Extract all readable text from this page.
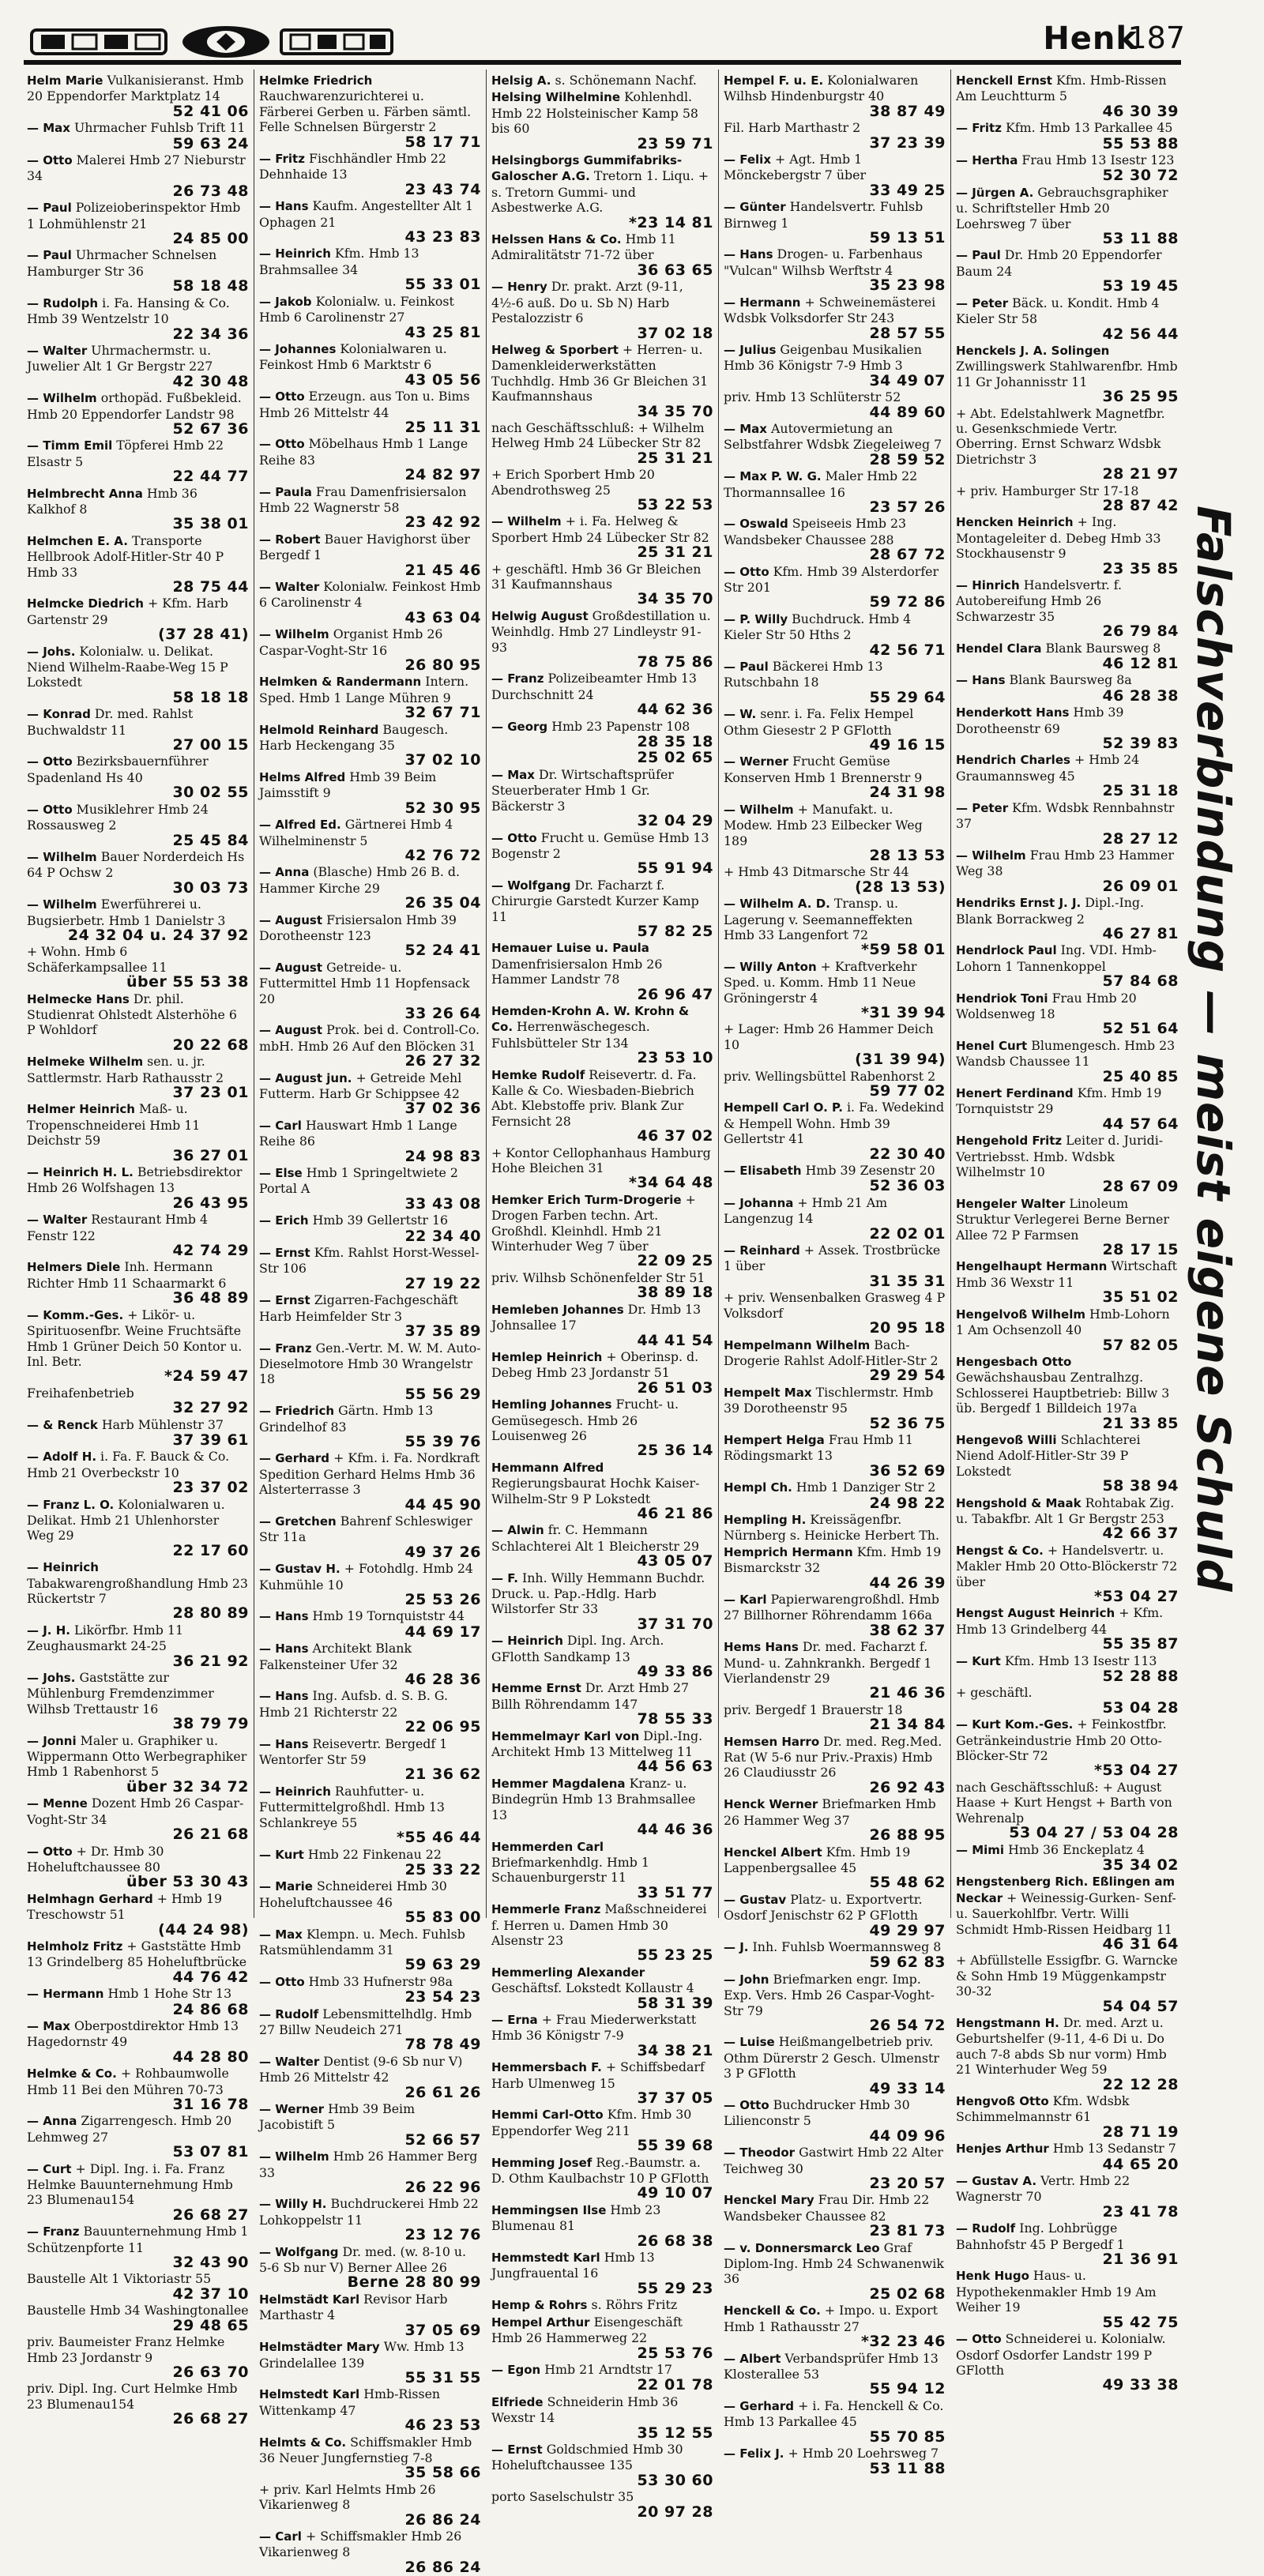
Henk
187
Helm Marie Vulkanisieranst. Hmb 20 Eppendorfer Marktplatz 14
52 41 06
— Max Uhrmacher Fuhlsb Trift 11
59 63 24
— Otto Malerei Hmb 27 Nieburstr 34
26 73 48
— Paul Polizeioberinspektor Hmb 1 Lohmühlenstr 21
24 85 00
— Paul Uhrmacher Schnelsen Hamburger Str 36
58 18 48
— Rudolph i. Fa. Hansing & Co. Hmb 39 Wentzelstr 10
22 34 36
— Walter Uhrmachermstr. u. Juwelier Alt 1 Gr Bergstr 227
42 30 48
— Wilhelm orthopäd. Fußbekleid. Hmb 20 Eppendorfer Landstr 98
52 67 36
— Timm Emil Töpferei Hmb 22 Elsastr 5
22 44 77
Helmbrecht Anna Hmb 36 Kalkhof 8
35 38 01
Helmchen E. A. Transporte Hellbrook Adolf-Hitler-Str 40 P Hmb 33
28 75 44
Helmcke Diedrich + Kfm. Harb Gartenstr 29
(37 28 41)
— Johs. Kolonialw. u. Delikat. Niend Wilhelm-Raabe-Weg 15 P Lokstedt
58 18 18
— Konrad Dr. med. Rahlst Buchwaldstr 11
27 00 15
— Otto Bezirksbauernführer Spadenland Hs 40
30 02 55
— Otto Musiklehrer Hmb 24 Rossausweg 2
25 45 84
— Wilhelm Bauer Norderdeich Hs 64 P Ochsw 2
30 03 73
— Wilhelm Ewerführerei u. Bugsierbetr. Hmb 1 Danielstr 3
24 32 04 u. 24 37 92
+ Wohn. Hmb 6 Schäferkampsallee 11
über 55 53 38
Helmecke Hans Dr. phil. Studienrat Ohlstedt Alsterhöhe 6 P Wohldorf
20 22 68
Helmeke Wilhelm sen. u. jr. Sattlermstr. Harb Rathausstr 2
37 23 01
Helmer Heinrich Maß- u. Tropenschneiderei Hmb 11 Deichstr 59
36 27 01
— Heinrich H. L. Betriebsdirektor Hmb 26 Wolfshagen 13
26 43 95
— Walter Restaurant Hmb 4 Fenstr 122
42 74 29
Helmers Diele Inh. Hermann Richter Hmb 11 Schaarmarkt 6
36 48 89
— Komm.-Ges. + Likör- u. Spirituosenfbr. Weine Fruchtsäfte Hmb 1 Grüner Deich 50 Kontor u. Inl. Betr.
*24 59 47
Freihafenbetrieb
32 27 92
— & Renck Harb Mühlenstr 37
37 39 61
— Adolf H. i. Fa. F. Bauck & Co. Hmb 21 Overbeckstr 10
23 37 02
— Franz L. O. Kolonialwaren u. Delikat. Hmb 21 Uhlenhorster Weg 29
22 17 60
— Heinrich Tabakwarengroßhandlung Hmb 23 Rückertstr 7
28 80 89
— J. H. Likörfbr. Hmb 11 Zeughausmarkt 24-25
36 21 92
— Johs. Gaststätte zur Mühlenburg Fremdenzimmer Wilhsb Trettaustr 16
38 79 79
— Jonni Maler u. Graphiker u. Wippermann Otto Werbegraphiker Hmb 1 Rabenhorst 5
über 32 34 72
— Menne Dozent Hmb 26 Caspar-Voght-Str 34
26 21 68
— Otto + Dr. Hmb 30 Hoheluftchaussee 80
über 53 30 43
Helmhagn Gerhard + Hmb 19 Treschowstr 51
(44 24 98)
Helmholz Fritz + Gaststätte Hmb 13 Grindelberg 85 Hoheluftbrücke
44 76 42
— Hermann Hmb 1 Hohe Str 13
24 86 68
— Max Oberpostdirektor Hmb 13 Hagedornstr 49
44 28 80
Helmke & Co. + Rohbaumwolle Hmb 11 Bei den Mühren 70-73
31 16 78
— Anna Zigarrengesch. Hmb 20 Lehmweg 27
53 07 81
— Curt + Dipl. Ing. i. Fa. Franz Helmke Bauunternehmung Hmb 23 Blumenau154
26 68 27
— Franz Bauunternehmung Hmb 1 Schützenpforte 11
32 43 90
Baustelle Alt 1 Viktoriastr 55
42 37 10
Baustelle Hmb 34 Washingtonallee
29 48 65
priv. Baumeister Franz Helmke Hmb 23 Jordanstr 9
26 63 70
priv. Dipl. Ing. Curt Helmke Hmb 23 Blumenau154
26 68 27
Helmke Friedrich Rauchwarenzurichterei u. Färberei Gerben u. Färben sämtl. Felle Schnelsen Bürgerstr 2
58 17 71
— Fritz Fischhändler Hmb 22 Dehnhaide 13
23 43 74
— Hans Kaufm. Angestellter Alt 1 Ophagen 21
43 23 83
— Heinrich Kfm. Hmb 13 Brahmsallee 34
55 33 01
— Jakob Kolonialw. u. Feinkost Hmb 6 Carolinenstr 27
43 25 81
— Johannes Kolonialwaren u. Feinkost Hmb 6 Marktstr 6
43 05 56
— Otto Erzeugn. aus Ton u. Bims Hmb 26 Mittelstr 44
25 11 31
— Otto Möbelhaus Hmb 1 Lange Reihe 83
24 82 97
— Paula Frau Damenfrisiersalon Hmb 22 Wagnerstr 58
23 42 92
— Robert Bauer Havighorst über Bergedf 1
21 45 46
— Walter Kolonialw. Feinkost Hmb 6 Carolinenstr 4
43 63 04
— Wilhelm Organist Hmb 26 Caspar-Voght-Str 16
26 80 95
Helmken & Randermann Intern. Sped. Hmb 1 Lange Mühren 9
32 67 71
Helmold Reinhard Baugesch. Harb Heckengang 35
37 02 10
Helms Alfred Hmb 39 Beim Jaimsstift 9
52 30 95
— Alfred Ed. Gärtnerei Hmb 4 Wilhelminenstr 5
42 76 72
— Anna (Blasche) Hmb 26 B. d. Hammer Kirche 29
26 35 04
— August Frisiersalon Hmb 39 Dorotheenstr 123
52 24 41
— August Getreide- u. Futtermittel Hmb 11 Hopfensack 20
33 26 64
— August Prok. bei d. Controll-Co. mbH. Hmb 26 Auf den Blöcken 31
26 27 32
— August jun. + Getreide Mehl Futterm. Harb Gr Schippsee 42
37 02 36
— Carl Hauswart Hmb 1 Lange Reihe 86
24 98 83
— Else Hmb 1 Springeltwiete 2 Portal A
33 43 08
— Erich Hmb 39 Gellertstr 16
22 34 40
— Ernst Kfm. Rahlst Horst-Wessel-Str 106
27 19 22
— Ernst Zigarren-Fachgeschäft Harb Heimfelder Str 3
37 35 89
— Franz Gen.-Vertr. M. W. M. Auto-Dieselmotore Hmb 30 Wrangelstr 18
55 56 29
— Friedrich Gärtn. Hmb 13 Grindelhof 83
55 39 76
— Gerhard + Kfm. i. Fa. Nordkraft Spedition Gerhard Helms Hmb 36 Alsterterrasse 3
44 45 90
— Gretchen Bahrenf Schleswiger Str 11a
49 37 26
— Gustav H. + Fotohdlg. Hmb 24 Kuhmühle 10
25 53 26
— Hans Hmb 19 Tornquiststr 44
44 69 17
— Hans Architekt Blank Falkensteiner Ufer 32
46 28 36
— Hans Ing. Aufsb. d. S. B. G. Hmb 21 Richterstr 22
22 06 95
— Hans Reisevertr. Bergedf 1 Wentorfer Str 59
21 36 62
— Heinrich Rauhfutter- u. Futtermittelgroßhdl. Hmb 13 Schlankreye 55
*55 46 44
— Kurt Hmb 22 Finkenau 22
25 33 22
— Marie Schneiderei Hmb 30 Hoheluftchaussee 46
55 83 00
— Max Klempn. u. Mech. Fuhlsb Ratsmühlendamm 31
59 63 29
— Otto Hmb 33 Hufnerstr 98a
23 54 23
— Rudolf Lebensmittelhdlg. Hmb 27 Billw Neudeich 271
78 78 49
— Walter Dentist (9-6 Sb nur V) Hmb 26 Mittelstr 42
26 61 26
— Werner Hmb 39 Beim Jacobistift 5
52 66 57
— Wilhelm Hmb 26 Hammer Berg 33
26 22 96
— Willy H. Buchdruckerei Hmb 22 Lohkoppelstr 11
23 12 76
— Wolfgang Dr. med. (w. 8-10 u. 5-6 Sb nur V) Berner Allee 26
Berne 28 80 99
Helmstädt Karl Revisor Harb Marthastr 4
37 05 69
Helmstädter Mary Ww. Hmb 13 Grindelallee 139
55 31 55
Helmstedt Karl Hmb-Rissen Wittenkamp 47
46 23 53
Helmts & Co. Schiffsmakler Hmb 36 Neuer Jungfernstieg 7-8
35 58 66
+ priv. Karl Helmts Hmb 26 Vikarienweg 8
26 86 24
— Carl + Schiffsmakler Hmb 26 Vikarienweg 8
26 86 24
Helsig A. s. Schönemann Nachf.
Helsing Wilhelmine Kohlenhdl. Hmb 22 Holsteinischer Kamp 58 bis 60
23 59 71
Helsingborgs Gummifabriks-Galoscher A.G. Tretorn 1. Liqu. + s. Tretorn Gummi- und Asbestwerke A.G.
*23 14 81
Helssen Hans & Co. Hmb 11 Admiralitätstr 71-72 über
36 63 65
— Henry Dr. prakt. Arzt (9-11, 4½-6 auß. Do u. Sb N) Harb Pestalozzistr 6
37 02 18
Helweg & Sporbert + Herren- u. Damenkleiderwerkstätten Tuchhdlg. Hmb 36 Gr Bleichen 31 Kaufmannshaus
34 35 70
nach Geschäftsschluß: + Wilhelm Helweg Hmb 24 Lübecker Str 82
25 31 21
+ Erich Sporbert Hmb 20 Abendrothsweg 25
53 22 53
— Wilhelm + i. Fa. Helweg & Sporbert Hmb 24 Lübecker Str 82
25 31 21
+ geschäftl. Hmb 36 Gr Bleichen 31 Kaufmannshaus
34 35 70
Helwig August Großdestillation u. Weinhdlg. Hmb 27 Lindleystr 91-93
78 75 86
— Franz Polizeibeamter Hmb 13 Durchschnitt 24
44 62 36
— Georg Hmb 23 Papenstr 108
28 35 18
25 02 65
— Max Dr. Wirtschaftsprüfer Steuerberater Hmb 1 Gr. Bäckerstr 3
32 04 29
— Otto Frucht u. Gemüse Hmb 13 Bogenstr 2
55 91 94
— Wolfgang Dr. Facharzt f. Chirurgie Garstedt Kurzer Kamp 11
57 82 25
Hemauer Luise u. Paula Damenfrisiersalon Hmb 26 Hammer Landstr 78
26 96 47
Hemden-Krohn A. W. Krohn & Co. Herrenwäschegesch. Fuhlsbütteler Str 134
23 53 10
Hemke Rudolf Reisevertr. d. Fa. Kalle & Co. Wiesbaden-Biebrich Abt. Klebstoffe priv. Blank Zur Fernsicht 28
46 37 02
+ Kontor Cellophanhaus Hamburg Hohe Bleichen 31
*34 64 48
Hemker Erich Turm-Drogerie + Drogen Farben techn. Art. Großhdl. Kleinhdl. Hmb 21 Winterhuder Weg 7 über
22 09 25
priv. Wilhsb Schönenfelder Str 51
38 89 18
Hemleben Johannes Dr. Hmb 13 Johnsallee 17
44 41 54
Hemlep Heinrich + Oberinsp. d. Debeg Hmb 23 Jordanstr 51
26 51 03
Hemling Johannes Frucht- u. Gemüsegesch. Hmb 26 Louisenweg 26
25 36 14
Hemmann Alfred Regierungsbaurat Hochk Kaiser-Wilhelm-Str 9 P Lokstedt
46 21 86
— Alwin fr. C. Hemmann Schlachterei Alt 1 Bleicherstr 29
43 05 07
— F. Inh. Willy Hemmann Buchdr. Druck. u. Pap.-Hdlg. Harb Wilstorfer Str 33
37 31 70
— Heinrich Dipl. Ing. Arch. GFlotth Sandkamp 13
49 33 86
Hemme Ernst Dr. Arzt Hmb 27 Billh Röhrendamm 147
78 55 33
Hemmelmayr Karl von Dipl.-Ing. Architekt Hmb 13 Mittelweg 11
44 56 63
Hemmer Magdalena Kranz- u. Bindegrün Hmb 13 Brahmsallee 13
44 46 36
Hemmerden Carl Briefmarkenhdlg. Hmb 1 Schauenburgerstr 11
33 51 77
Hemmerle Franz Maßschneiderei f. Herren u. Damen Hmb 30 Alsenstr 23
55 23 25
Hemmerling Alexander Geschäftsf. Lokstedt Kollaustr 4
58 31 39
— Erna + Frau Miederwerkstatt Hmb 36 Königstr 7-9
34 38 21
Hemmersbach F. + Schiffsbedarf Harb Ulmenweg 15
37 37 05
Hemmi Carl-Otto Kfm. Hmb 30 Eppendorfer Weg 211
55 39 68
Hemming Josef Reg.-Baumstr. a. D. Othm Kaulbachstr 10 P GFlotth
49 10 07
Hemmingsen Ilse Hmb 23 Blumenau 81
26 68 38
Hemmstedt Karl Hmb 13 Jungfrauental 16
55 29 23
Hemp & Rohrs s. Röhrs Fritz
Hempel Arthur Eisengeschäft Hmb 26 Hammerweg 22
25 53 76
— Egon Hmb 21 Arndtstr 17
22 01 78
Elfriede Schneiderin Hmb 36 Wexstr 14
35 12 55
— Ernst Goldschmied Hmb 30 Hoheluftchaussee 135
53 30 60
porto Saselschulstr 35
20 97 28
Hempel F. u. E. Kolonialwaren Wilhsb Hindenburgstr 40
38 87 49
Fil. Harb Marthastr 2
37 23 39
— Felix + Agt. Hmb 1 Mönckebergstr 7 über
33 49 25
— Günter Handelsvertr. Fuhlsb Birnweg 1
59 13 51
— Hans Drogen- u. Farbenhaus "Vulcan" Wilhsb Werftstr 4
35 23 98
— Hermann + Schweinemästerei Wdsbk Volksdorfer Str 243
28 57 55
— Julius Geigenbau Musikalien Hmb 36 Königstr 7-9 Hmb 3
34 49 07
priv. Hmb 13 Schlüterstr 52
44 89 60
— Max Autovermietung an Selbstfahrer Wdsbk Ziegeleiweg 7
28 59 52
— Max P. W. G. Maler Hmb 22 Thormannsallee 16
23 57 26
— Oswald Speiseeis Hmb 23 Wandsbeker Chaussee 288
28 67 72
— Otto Kfm. Hmb 39 Alsterdorfer Str 201
59 72 86
— P. Willy Buchdruck. Hmb 4 Kieler Str 50 Hths 2
42 56 71
— Paul Bäckerei Hmb 13 Rutschbahn 18
55 29 64
— W. senr. i. Fa. Felix Hempel Othm Giesestr 2 P GFlotth
49 16 15
— Werner Frucht Gemüse Konserven Hmb 1 Brennerstr 9
24 31 98
— Wilhelm + Manufakt. u. Modew. Hmb 23 Eilbecker Weg 189
28 13 53
+ Hmb 43 Ditmarsche Str 44
(28 13 53)
— Wilhelm A. D. Transp. u. Lagerung v. Seemanneffekten Hmb 33 Langenfort 72
*59 58 01
— Willy Anton + Kraftverkehr Sped. u. Komm. Hmb 11 Neue Gröningerstr 4
*31 39 94
+ Lager: Hmb 26 Hammer Deich 10
(31 39 94)
priv. Wellingsbüttel Rabenhorst 2
59 77 02
Hempell Carl O. P. i. Fa. Wedekind & Hempell Wohn. Hmb 39 Gellertstr 41
22 30 40
— Elisabeth Hmb 39 Zesenstr 20
52 36 03
— Johanna + Hmb 21 Am Langenzug 14
22 02 01
— Reinhard + Assek. Trostbrücke 1 über
31 35 31
+ priv. Wensenbalken Grasweg 4 P Volksdorf
20 95 18
Hempelmann Wilhelm Bach-Drogerie Rahlst Adolf-Hitler-Str 2
29 29 54
Hempelt Max Tischlermstr. Hmb 39 Dorotheenstr 95
52 36 75
Hempert Helga Frau Hmb 11 Rödingsmarkt 13
36 52 69
Hempl Ch. Hmb 1 Danziger Str 2
24 98 22
Hempling H. Kreissägenfbr. Nürnberg s. Heinicke Herbert Th.
Hemprich Hermann Kfm. Hmb 19 Bismarckstr 32
44 26 39
— Karl Papierwarengroßhdl. Hmb 27 Billhorner Röhrendamm 166a
38 62 37
Hems Hans Dr. med. Facharzt f. Mund- u. Zahnkrankh. Bergedf 1 Vierlandenstr 29
21 46 36
priv. Bergedf 1 Brauerstr 18
21 34 84
Hemsen Harro Dr. med. Reg.Med. Rat (W 5-6 nur Priv.-Praxis) Hmb 26 Claudiusstr 26
26 92 43
Henck Werner Briefmarken Hmb 26 Hammer Weg 37
26 88 95
Henckel Albert Kfm. Hmb 19 Lappenbergsallee 45
55 48 62
— Gustav Platz- u. Exportvertr. Osdorf Jenischstr 62 P GFlotth
49 29 97
— J. Inh. Fuhlsb Woermannsweg 8
59 62 83
— John Briefmarken engr. Imp. Exp. Vers. Hmb 26 Caspar-Voght-Str 79
26 54 72
— Luise Heißmangelbetrieb priv. Othm Dürerstr 2 Gesch. Ulmenstr 3 P GFlotth
49 33 14
— Otto Buchdrucker Hmb 30 Lilienconstr 5
44 09 96
— Theodor Gastwirt Hmb 22 Alter Teichweg 30
23 20 57
Henckel Mary Frau Dir. Hmb 22 Wandsbeker Chaussee 82
23 81 73
— v. Donnersmarck Leo Graf Diplom-Ing. Hmb 24 Schwanenwik 36
25 02 68
Henckell & Co. + Impo. u. Export Hmb 1 Rathausstr 27
*32 23 46
— Albert Verbandsprüfer Hmb 13 Klosterallee 53
55 94 12
— Gerhard + i. Fa. Henckell & Co. Hmb 13 Parkallee 45
55 70 85
— Felix J. + Hmb 20 Loehrsweg 7
53 11 88
Henckell Ernst Kfm. Hmb-Rissen Am Leuchtturm 5
46 30 39
— Fritz Kfm. Hmb 13 Parkallee 45
55 53 88
— Hertha Frau Hmb 13 Isestr 123
52 30 72
— Jürgen A. Gebrauchsgraphiker u. Schriftsteller Hmb 20 Loehrsweg 7 über
53 11 88
— Paul Dr. Hmb 20 Eppendorfer Baum 24
53 19 45
— Peter Bäck. u. Kondit. Hmb 4 Kieler Str 58
42 56 44
Henckels J. A. Solingen Zwillingswerk Stahlwarenfbr. Hmb 11 Gr Johannisstr 11
36 25 95
+ Abt. Edelstahlwerk Magnetfbr. u. Gesenkschmiede Vertr. Oberring. Ernst Schwarz Wdsbk Dietrichstr 3
28 21 97
+ priv. Hamburger Str 17-18
28 87 42
Hencken Heinrich + Ing. Montageleiter d. Debeg Hmb 33 Stockhausenstr 9
23 35 85
— Hinrich Handelsvertr. f. Autobereifung Hmb 26 Schwarzestr 35
26 79 84
Hendel Clara Blank Baursweg 8
46 12 81
— Hans Blank Baursweg 8a
46 28 38
Henderkott Hans Hmb 39 Dorotheenstr 69
52 39 83
Hendrich Charles + Hmb 24 Graumannsweg 45
25 31 18
— Peter Kfm. Wdsbk Rennbahnstr 37
28 27 12
— Wilhelm Frau Hmb 23 Hammer Weg 38
26 09 01
Hendriks Ernst J. J. Dipl.-Ing. Blank Borrackweg 2
46 27 81
Hendrlock Paul Ing. VDI. Hmb-Lohorn 1 Tannenkoppel
57 84 68
Hendriok Toni Frau Hmb 20 Woldsenweg 18
52 51 64
Henel Curt Blumengesch. Hmb 23 Wandsb Chaussee 11
25 40 85
Henert Ferdinand Kfm. Hmb 19 Tornquiststr 29
44 57 64
Hengehold Fritz Leiter d. Juridi-Vertriebsst. Hmb. Wdsbk Wilhelmstr 10
28 67 09
Hengeler Walter Linoleum Struktur Verlegerei Berne Berner Allee 72 P Farmsen
28 17 15
Hengelhaupt Hermann Wirtschaft Hmb 36 Wexstr 11
35 51 02
Hengelvoß Wilhelm Hmb-Lohorn 1 Am Ochsenzoll 40
57 82 05
Hengesbach Otto Gewächshausbau Zentralhzg. Schlosserei Hauptbetrieb: Billw 3 üb. Bergedf 1 Billdeich 197a
21 33 85
Hengevoß Willi Schlachterei Niend Adolf-Hitler-Str 39 P Lokstedt
58 38 94
Hengshold & Maak Rohtabak Zig. u. Tabakfbr. Alt 1 Gr Bergstr 253
42 66 37
Hengst & Co. + Handelsvertr. u. Makler Hmb 20 Otto-Blöckerstr 72 über
*53 04 27
Hengst August Heinrich + Kfm. Hmb 13 Grindelberg 44
55 35 87
— Kurt Kfm. Hmb 13 Isestr 113
52 28 88
+ geschäftl.
53 04 28
— Kurt Kom.-Ges. + Feinkostfbr. Getränkeindustrie Hmb 20 Otto-Blöcker-Str 72
*53 04 27
nach Geschäftsschluß: + August Haase + Kurt Hengst + Barth von Wehrenalp
53 04 27 / 53 04 28
— Mimi Hmb 36 Enckeplatz 4
35 34 02
Hengstenberg Rich. Eßlingen am Neckar + Weinessig-Gurken- Senf- u. Sauerkohlfbr. Vertr. Willi Schmidt Hmb-Rissen Heidbarg 11
46 31 64
+ Abfüllstelle Essigfbr. G. Warncke & Sohn Hmb 19 Müggenkampstr 30-32
54 04 57
Hengstmann H. Dr. med. Arzt u. Geburtshelfer (9-11, 4-6 Di u. Do auch 7-8 abds Sb nur vorm) Hmb 21 Winterhuder Weg 59
22 12 28
Hengvoß Otto Kfm. Wdsbk Schimmelmannstr 61
28 71 19
Henjes Arthur Hmb 13 Sedanstr 7
44 65 20
— Gustav A. Vertr. Hmb 22 Wagnerstr 70
23 41 78
— Rudolf Ing. Lohbrügge Bahnhofstr 45 P Bergedf 1
21 36 91
Henk Hugo Haus- u. Hypothekenmakler Hmb 19 Am Weiher 19
55 42 75
— Otto Schneiderei u. Kolonialw. Osdorf Osdorfer Landstr 199 P GFlotth
49 33 38
Falschverbindung — meist eigene Schuld
